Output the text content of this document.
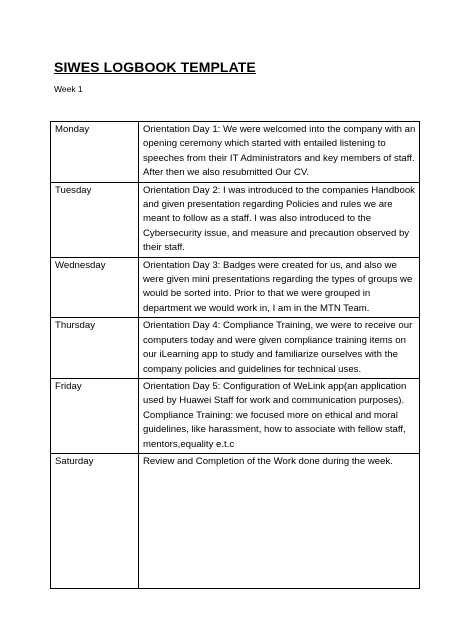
SIWES LOGBOOK TEMPLATE
Week 1
Monday	Orientation Day 1: We were welcomed into the company with an opening ceremony which started with entailed listening to speeches from their IT Administrators and key members of staff. After then we also resubmitted Our CV.
Tuesday	Orientation Day 2: I was introduced to the companies Handbook and given presentation regarding Policies and rules we are meant to follow as a staff. I was also introduced to the Cybersecurity issue, and measure and precaution observed by their staff.
Wednesday	Orientation Day 3: Badges were created for us, and also we were given mini presentations regarding the types of groups we would be sorted into. Prior to that we were grouped in department we would work in, I am in the MTN Team.
Thursday	Orientation Day 4: Compliance Training, we were to receive our computers today and were given compliance training items on our iLearning app to study and familiarize ourselves with the company policies and guidelines for technical uses.
Friday	Orientation Day 5: Configuration of WeLink app(an application used by Huawei Staff for work and communication purposes). Compliance Training: we focused more on ethical and moral guidelines, like harassment, how to associate with fellow staff, mentors,equality e.t.c
Saturday	Review and Completion of the Work done during the week.
